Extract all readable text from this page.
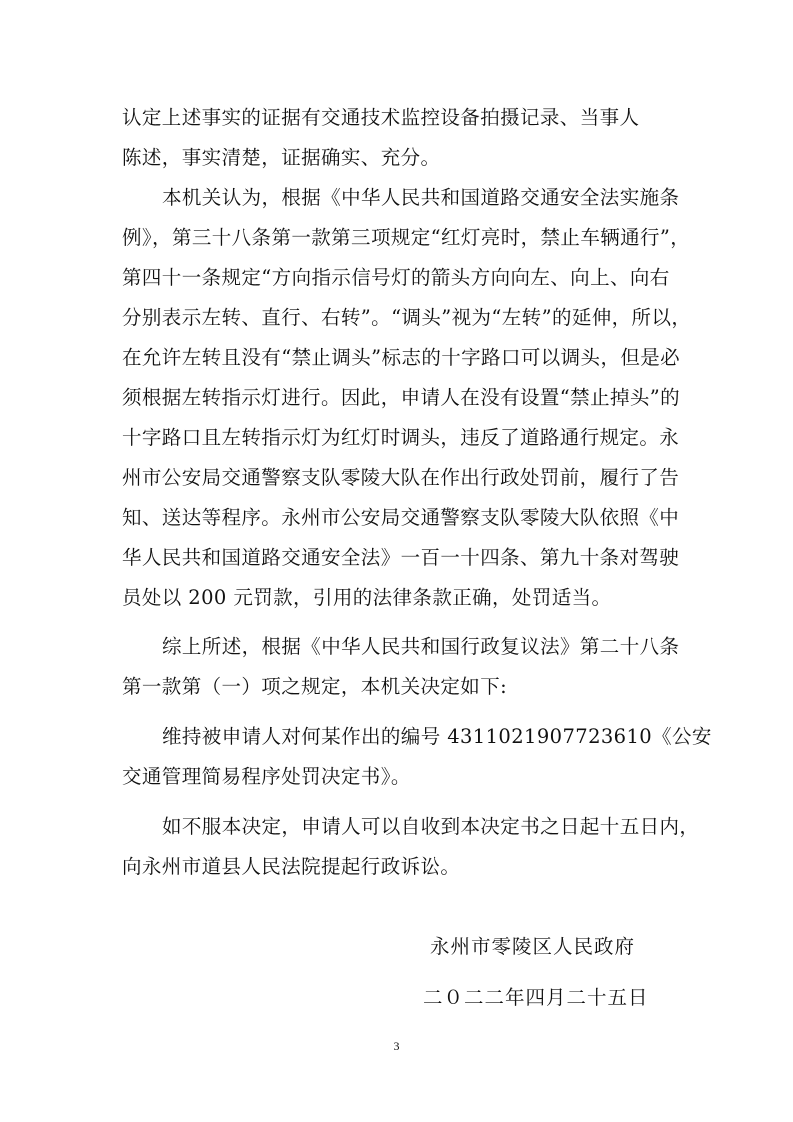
认定上述事实的证据有交通技术监控设备拍摄记录、当事人
陈述，事实清楚，证据确实、充分。
本机关认为，根据《中华人民共和国道路交通安全法实施条
例》，第三十八条第一款第三项规定“红灯亮时，禁止车辆通行”，
第四十一条规定“方向指示信号灯的箭头方向向左、向上、向右
分别表示左转、直行、右转”。“调头”视为“左转”的延伸，所以，
在允许左转且没有“禁止调头”标志的十字路口可以调头，但是必
须根据左转指示灯进行。因此，申请人在没有设置“禁止掉头”的
十字路口且左转指示灯为红灯时调头，违反了道路通行规定。永
州市公安局交通警察支队零陵大队在作出行政处罚前，履行了告
知、送达等程序。永州市公安局交通警察支队零陵大队依照《中
华人民共和国道路交通安全法》一百一十四条、第九十条对驾驶
员处以 200 元罚款，引用的法律条款正确，处罚适当。
综上所述，根据《中华人民共和国行政复议法》第二十八条
第一款第（一）项之规定，本机关决定如下:
维持被申请人对何某作出的编号 4311021907723610《公安
交通管理简易程序处罚决定书》。
如不服本决定，申请人可以自收到本决定书之日起十五日内，
向永州市道县人民法院提起行政诉讼。
永州市零陵区人民政府
二０二二年四月二十五日
3
